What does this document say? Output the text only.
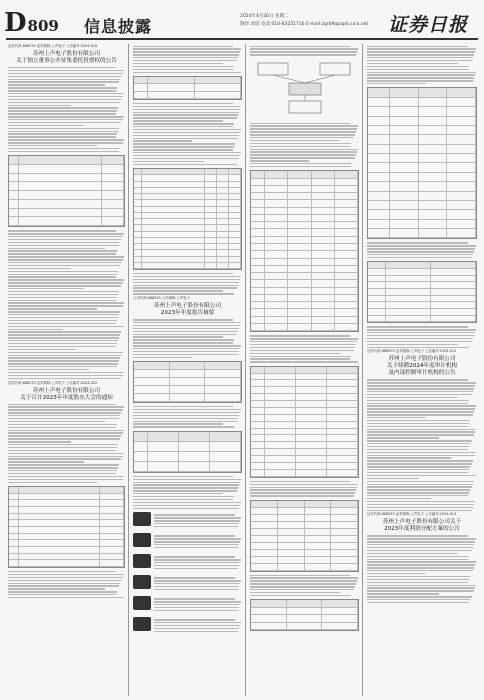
D809 信息披露
2024年4月30日 星期二
制作:刘琼 电话:010-83251716 E-mail:zqrb9@zqrb.sina.net 证券日报
证券代码:688533 证券简称:上声电子 公告编号:2024-018
苏州上声电子股份有限公司
关于独立董事公开征集委托投票权的公告
证券代码:688533 证券简称:上声电子 公告编号:2024-020
苏州上声电子股份有限公司
关于召开2023年年度股东大会的通知
公司代码:688533 公司简称:上声电子
苏州上声电子股份有限公司
2023年年度报告摘要
证券代码:688533 证券简称:上声电子 公告编号:2024-015
苏州上声电子股份有限公司
关于续聘2024年度审计机构
及内部控制审计机构的公告
证券代码:688533 证券简称:上声电子 公告编号:2024-013
苏州上声电子股份有限公司关于
2023年度利润分配方案的公告
